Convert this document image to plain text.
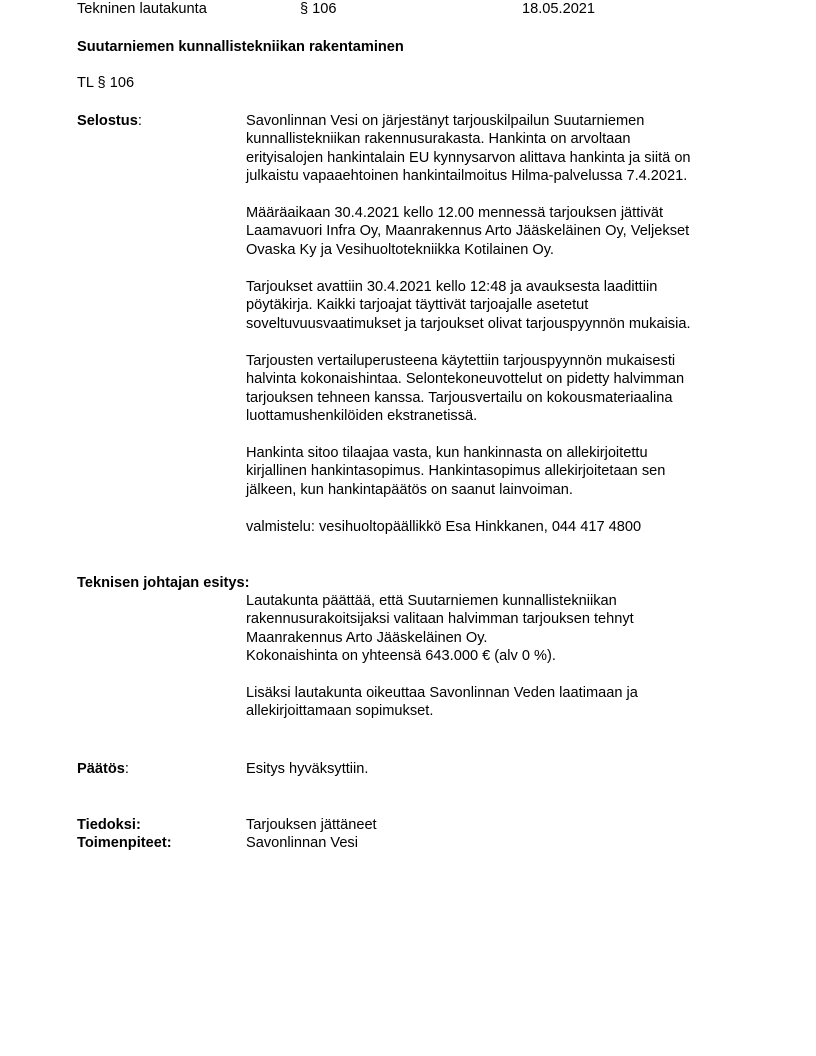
Tekninen lautakunta	§ 106	18.05.2021
Suutarniemen kunnallistekniikan rakentaminen
TL § 106
Selostus:	Savonlinnan Vesi on järjestänyt tarjouskilpailun Suutarniemen
kunnallistekniikan rakennusurakasta. Hankinta on arvoltaan
erityisalojen hankintalain EU kynnysarvon alittava hankinta ja siitä on
julkaistu vapaaehtoinen hankintailmoitus Hilma-palvelussa 7.4.2021.
Määräaikaan 30.4.2021 kello 12.00 mennessä tarjouksen jättivät
Laamavuori Infra Oy, Maanrakennus Arto Jääskeläinen Oy, Veljekset
Ovaska Ky ja Vesihuoltotekniikka Kotilainen Oy.
Tarjoukset avattiin 30.4.2021 kello 12:48 ja avauksesta laadittiin
pöytäkirja. Kaikki tarjoajat täyttivät tarjoajalle asetetut
soveltuvuusvaatimukset ja tarjoukset olivat tarjouspyynnön mukaisia.
Tarjousten vertailuperusteena käytettiin tarjouspyynnön mukaisesti
halvinta kokonaishintaa. Selontekoneuvottelut on pidetty halvimman
tarjouksen tehneen kanssa. Tarjousvertailu on kokousmateriaalina
luottamushenkilöiden ekstranetissä.
Hankinta sitoo tilaajaa vasta, kun hankinnasta on allekirjoitettu
kirjallinen hankintasopimus. Hankintasopimus allekirjoitetaan sen
jälkeen, kun hankintapäätös on saanut lainvoiman.
valmistelu: vesihuoltopäällikkö Esa Hinkkanen, 044 417 4800
Teknisen johtajan esitys:
Lautakunta päättää, että Suutarniemen kunnallistekniikan
rakennusurakoitsijaksi valitaan halvimman tarjouksen tehnyt
Maanrakennus Arto Jääskeläinen Oy.
Kokonaishinta on yhteensä 643.000 € (alv 0 %).
Lisäksi lautakunta oikeuttaa Savonlinnan Veden laatimaan ja
allekirjoittamaan sopimukset.
Päätös:	Esitys hyväksyttiin.
Tiedoksi:	Tarjouksen jättäneet
Toimenpiteet:	Savonlinnan Vesi
